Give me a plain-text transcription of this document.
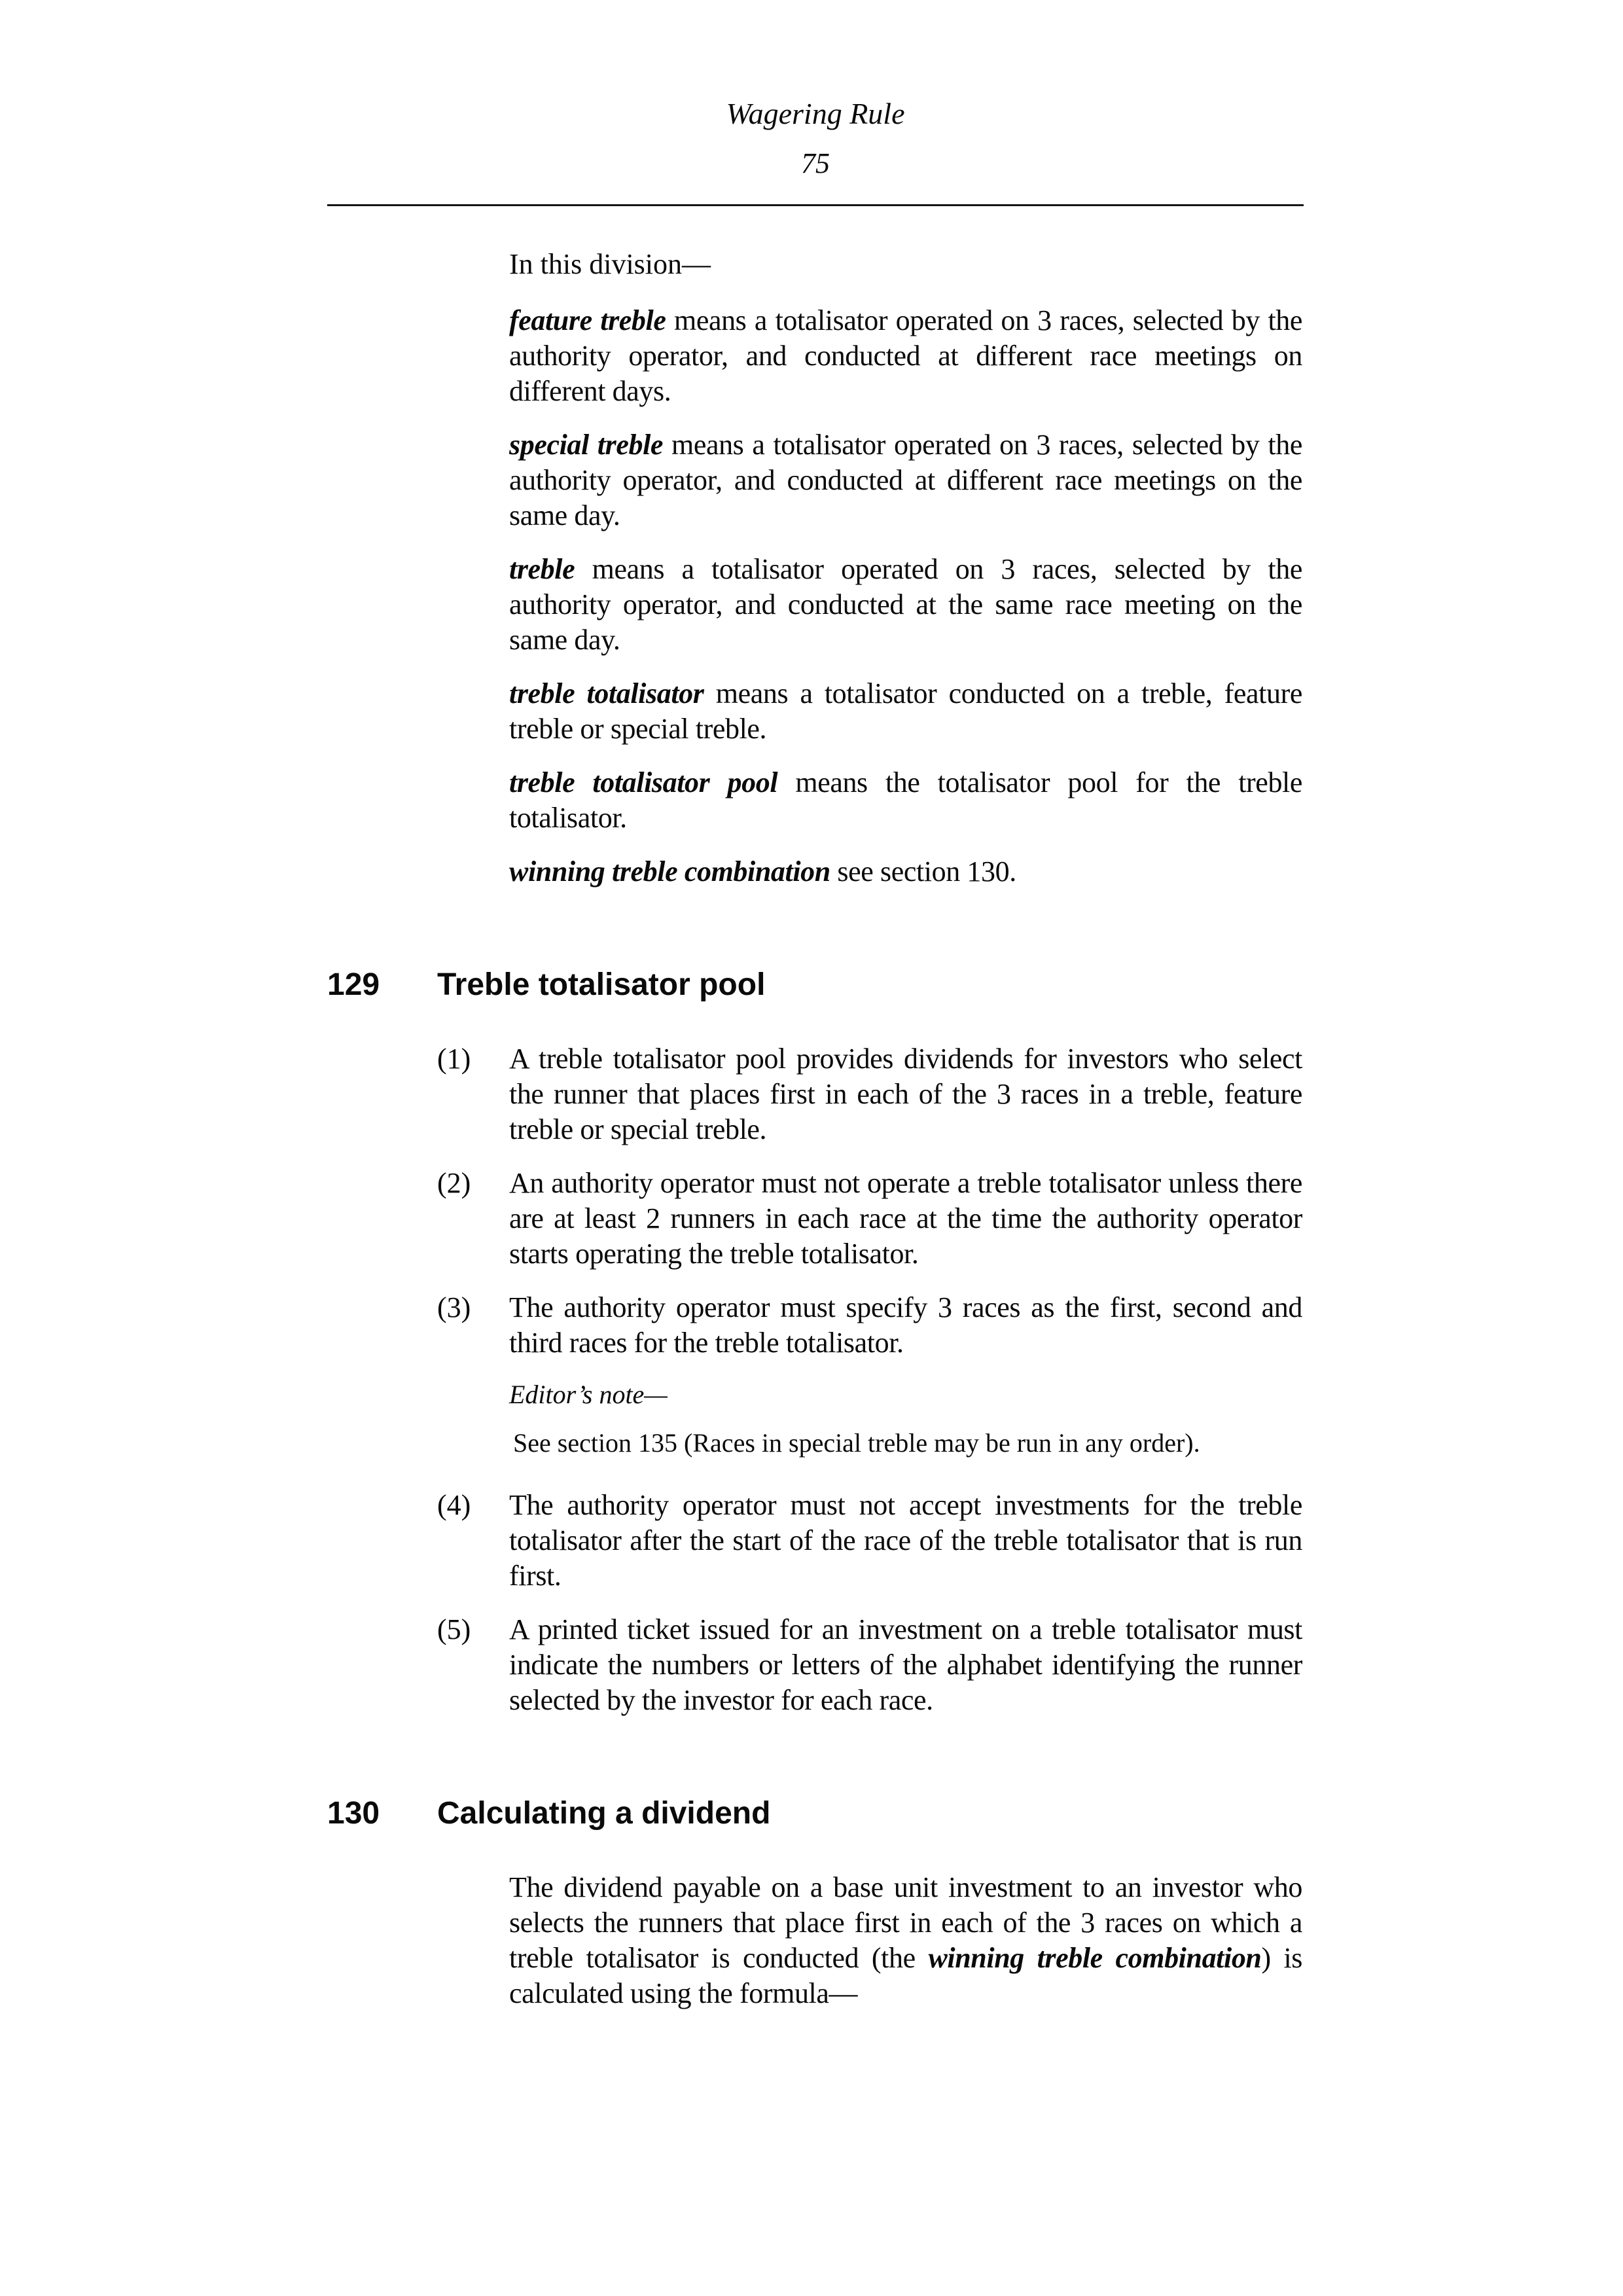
Wagering Rule
75

In this division—

feature treble means a totalisator operated on 3 races, selected by the authority operator, and conducted at different race meetings on different days.

special treble means a totalisator operated on 3 races, selected by the authority operator, and conducted at different race meetings on the same day.

treble means a totalisator operated on 3 races, selected by the authority operator, and conducted at the same race meeting on the same day.

treble totalisator means a totalisator conducted on a treble, feature treble or special treble.

treble totalisator pool means the totalisator pool for the treble totalisator.

winning treble combination see section 130.

129	Treble totalisator pool
(1)	A treble totalisator pool provides dividends for investors who select the runner that places first in each of the 3 races in a treble, feature treble or special treble.

(2)	An authority operator must not operate a treble totalisator unless there are at least 2 runners in each race at the time the authority operator starts operating the treble totalisator.

(3)	The authority operator must specify 3 races as the first, second and third races for the treble totalisator.

Editor’s note—

See section 135 (Races in special treble may be run in any order).

(4)	The authority operator must not accept investments for the treble totalisator after the start of the race of the treble totalisator that is run first.

(5)	A printed ticket issued for an investment on a treble totalisator must indicate the numbers or letters of the alphabet identifying the runner selected by the investor for each race.

130	Calculating a dividend

The dividend payable on a base unit investment to an investor who selects the runners that place first in each of the 3 races on which a treble totalisator is conducted (the winning treble combination) is calculated using the formula—
